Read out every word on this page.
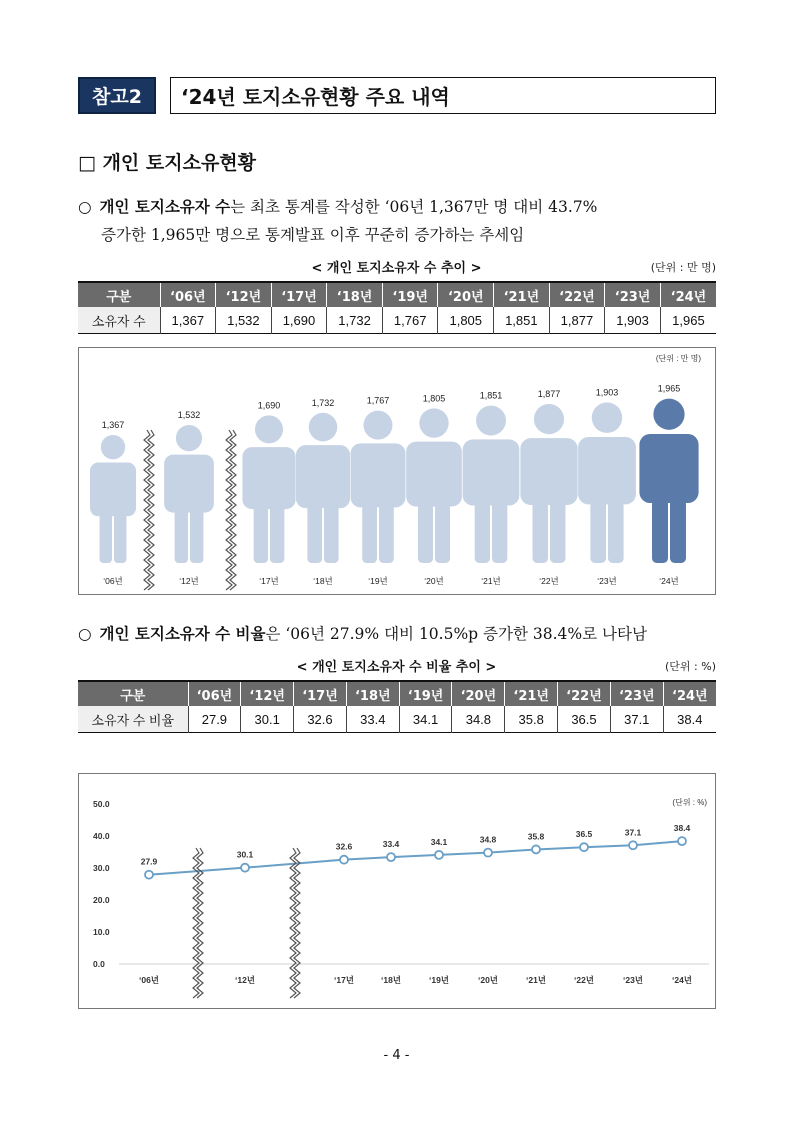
참고2	‘24년 토지소유현황 주요 내역
□ 개인 토지소유현황
○ 개인 토지소유자 수는 최초 통계를 작성한 ‘06년 1,367만 명 대비 43.7%
증가한 1,965만 명으로 통계발표 이후 꾸준히 증가하는 추세임
< 개인 토지소유자 수 추이 >	(단위 : 만 명)
구분	‘06년	‘12년	‘17년	‘18년	‘19년	‘20년	‘21년	‘22년	‘23년	‘24년
소유자 수	1,367	1,532	1,690	1,732	1,767	1,805	1,851	1,877	1,903	1,965
(단위 : 만 명)
1,367
‘06년
1,532
‘12년
1,690
‘17년
1,732
‘18년
1,767
‘19년
1,805
‘20년
1,851
‘21년
1,877
‘22년
1,903
‘23년
1,965
‘24년
○ 개인 토지소유자 수 비율은 ‘06년 27.9% 대비 10.5%p 증가한 38.4%로 나타남
< 개인 토지소유자 수 비율 추이 >	(단위 : %)
구분	‘06년	‘12년	‘17년	‘18년	‘19년	‘20년	‘21년	‘22년	‘23년	‘24년
소유자 수 비율	27.9	30.1	32.6	33.4	34.1	34.8	35.8	36.5	37.1	38.4
(단위 : %)
0.0
10.0
20.0
30.0
40.0
50.0
27.9
‘06년
30.1
‘12년
32.6
‘17년
33.4
‘18년
34.1
‘19년
34.8
‘20년
35.8
‘21년
36.5
‘22년
37.1
‘23년
38.4
‘24년
- 4 -
